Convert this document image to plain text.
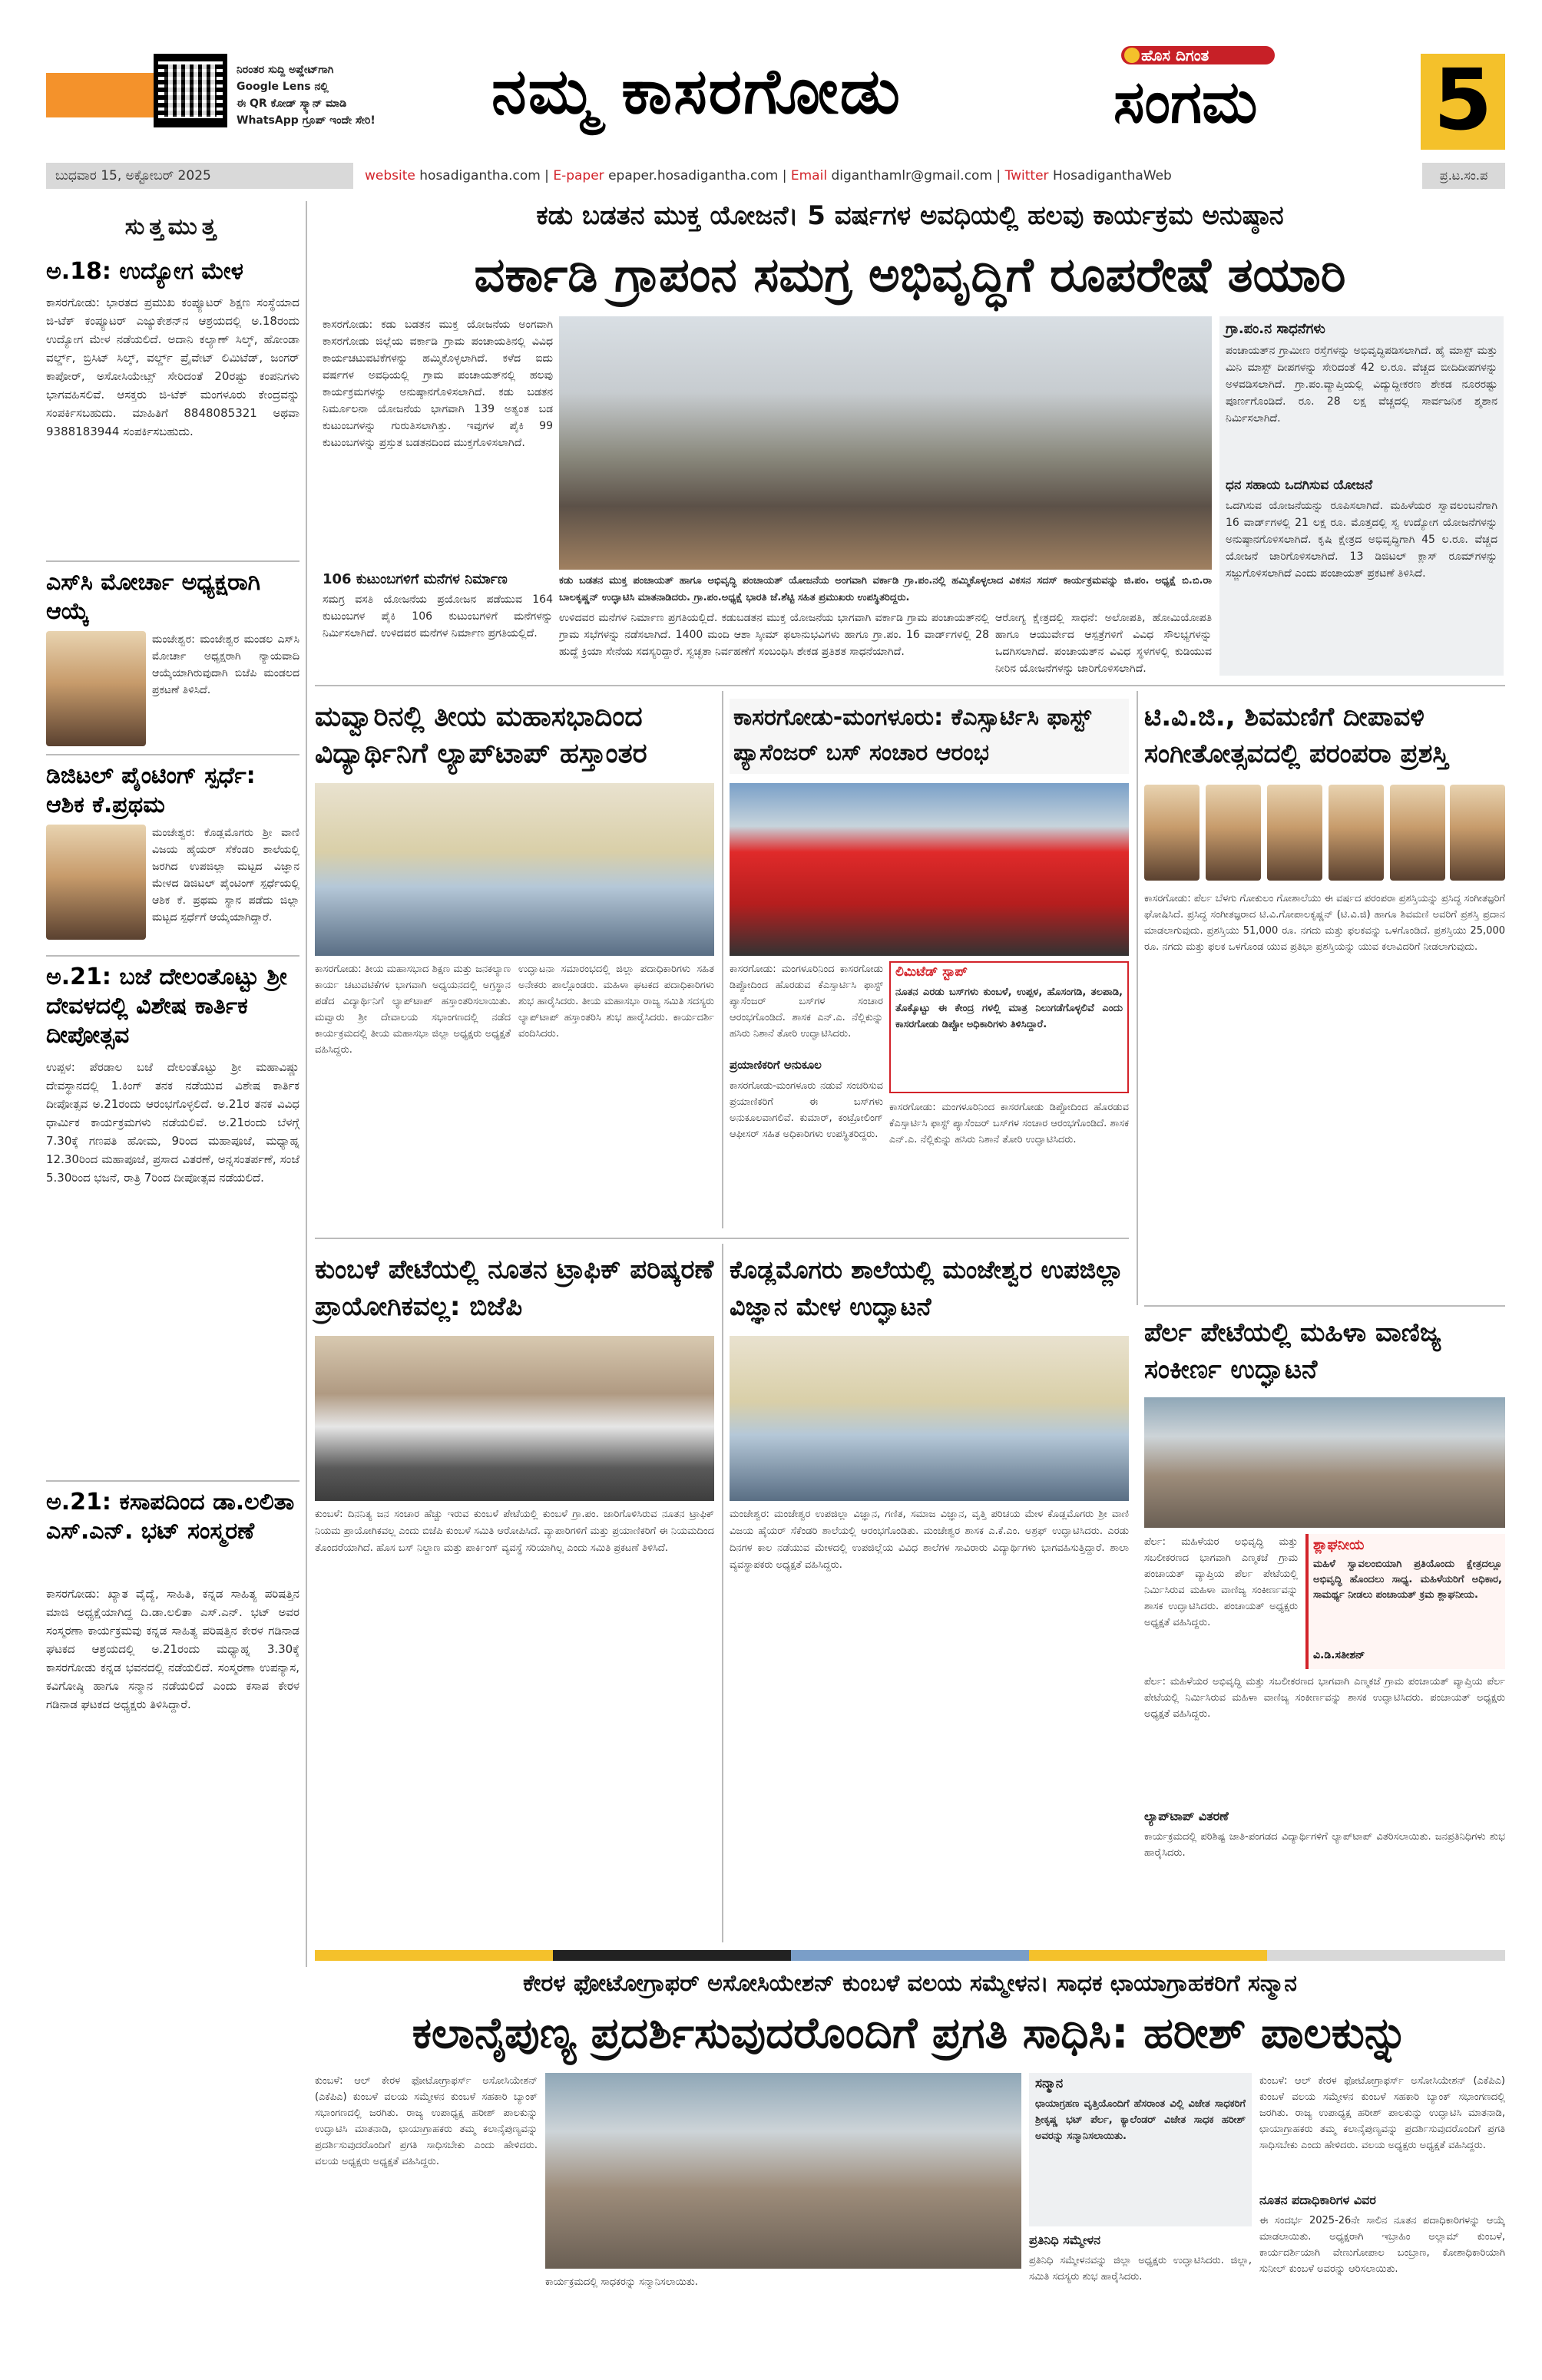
ನಿರಂತರ ಸುದ್ದಿ ಅಪ್ಡೇಟ್‌ಗಾಗಿ
Google Lens ನಲ್ಲಿ
ಈ QR ಕೋಡ್ ಸ್ಕ್ಯಾನ್ ಮಾಡಿ
WhatsApp ಗ್ರೂಪ್ ಇಂದೇ ಸೇರಿ!	ನಮ್ಮ ಕಾಸರಗೋಡು	ಹೊಸ ದಿಗಂತ
ಸಂಗಮ 5
ಬುಧವಾರ 15, ಅಕ್ಟೋಬರ್ 2025	website hosadigantha.com | E-paper epaper.hosadigantha.com | Email diganthamlr@gmail.com | Twitter HosadiganthaWeb	ಪ್ರ.ಟ.ಸಂ.ಪ
ಸುತ್ತಮುತ್ತ
ಅ.18: ಉದ್ಯೋಗ ಮೇಳ
ಕಾಸರಗೋಡು: ಭಾರತದ ಪ್ರಮುಖ ಕಂಪ್ಯೂಟರ್ ಶಿಕ್ಷಣ ಸಂಸ್ಥೆಯಾದ ಜಿ-ಟೆಕ್ ಕಂಪ್ಯೂಟರ್ ಎಜ್ಯುಕೇಶನ್‌ನ ಆಶ್ರಯದಲ್ಲಿ ಅ.18ರಂದು ಉದ್ಯೋಗ ಮೇಳ ನಡೆಯಲಿದೆ. ಅದಾನಿ ಕಲ್ಯಾಣ್ ಸಿಲ್ಕ್, ಹೋಂಡಾ ವರ್ಲ್ಡ್, ಬ್ರಿಸಿಟ್ ಸಿಲ್ಕ್, ವರ್ಲ್ಡ್ ಪ್ರೈವೇಟ್ ಲಿಮಿಟೆಡ್, ಜಂಗರ್ ಕಾಪೋರ್, ಅಸೋಸಿಯೇಟ್ಸ್ ಸೇರಿದಂತೆ 20ರಷ್ಟು ಕಂಪನಿಗಳು ಭಾಗವಹಿಸಲಿವೆ. ಆಸಕ್ತರು ಜಿ-ಟೆಕ್ ಮಂಗಳೂರು ಕೇಂದ್ರವನ್ನು ಸಂಪರ್ಕಿಸಬಹುದು. ಮಾಹಿತಿಗೆ 8848085321 ಅಥವಾ 9388183944 ಸಂಪರ್ಕಿಸಬಹುದು.
ಎಸ್‌ಸಿ ಮೋರ್ಚಾ ಅಧ್ಯಕ್ಷರಾಗಿ ಆಯ್ಕೆ
ಮಂಜೇಶ್ವರ: ಮಂಜೇಶ್ವರ ಮಂಡಲ ಎಸ್‌ಸಿ ಮೋರ್ಚಾ ಅಧ್ಯಕ್ಷರಾಗಿ ನ್ಯಾಯವಾದಿ ಆಯ್ಕೆಯಾಗಿರುವುದಾಗಿ ಬಿಜೆಪಿ ಮಂಡಲದ ಪ್ರಕಟಣೆ ತಿಳಿಸಿದೆ.
ಡಿಜಿಟಲ್ ಪೈಂಟಿಂಗ್ ಸ್ಪರ್ಧೆ: ಆಶಿಕ ಕೆ.ಪ್ರಥಮ
ಮಂಜೇಶ್ವರ: ಕೊಡ್ಲಮೊಗರು ಶ್ರೀ ವಾಣಿ ವಿಜಯ ಹೈಯರ್ ಸೆಕೆಂಡರಿ ಶಾಲೆಯಲ್ಲಿ ಜರಗಿದ ಉಪಜಿಲ್ಲಾ ಮಟ್ಟದ ವಿಜ್ಞಾನ ಮೇಳದ ಡಿಜಿಟಲ್ ಪೈಂಟಿಂಗ್ ಸ್ಪರ್ಧೆಯಲ್ಲಿ ಆಶಿಕ ಕೆ. ಪ್ರಥಮ ಸ್ಥಾನ ಪಡೆದು ಜಿಲ್ಲಾ ಮಟ್ಟದ ಸ್ಪರ್ಧೆಗೆ ಆಯ್ಕೆಯಾಗಿದ್ದಾರೆ.
ಅ.21: ಬಜೆ ದೇಲಂತೊಟ್ಟು ಶ್ರೀ ದೇವಳದಲ್ಲಿ ವಿಶೇಷ ಕಾರ್ತಿಕ ದೀಪೋತ್ಸವ
ಉಪ್ಪಳ: ಪೆರಡಾಲ ಬಜೆ ದೇಲಂತೊಟ್ಟು ಶ್ರೀ ಮಹಾವಿಷ್ಣು ದೇವಸ್ಥಾನದಲ್ಲಿ 1.ಕಿಂಗ್ ತನಕ ನಡೆಯುವ ವಿಶೇಷ ಕಾರ್ತಿಕ ದೀಪೋತ್ಸವ ಅ.21ರಂದು ಆರಂಭಗೊಳ್ಳಲಿದೆ. ಅ.21ರ ತನಕ ವಿವಿಧ ಧಾರ್ಮಿಕ ಕಾರ್ಯಕ್ರಮಗಳು ನಡೆಯಲಿವೆ. ಅ.21ರಂದು ಬೆಳಗ್ಗೆ 7.30ಕ್ಕೆ ಗಣಪತಿ ಹೋಮ, 9ರಿಂದ ಮಹಾಪೂಜೆ, ಮಧ್ಯಾಹ್ನ 12.30ರಿಂದ ಮಹಾಪೂಜೆ, ಪ್ರಸಾದ ವಿತರಣೆ, ಅನ್ನಸಂತರ್ಪಣೆ, ಸಂಜೆ 5.30ರಿಂದ ಭಜನೆ, ರಾತ್ರಿ 7ರಿಂದ ದೀಪೋತ್ಸವ ನಡೆಯಲಿದೆ.
ಅ.21: ಕಸಾಪದಿಂದ ಡಾ.ಲಲಿತಾ ಎಸ್.ಎನ್. ಭಟ್ ಸಂಸ್ಮರಣೆ
ಕಾಸರಗೋಡು: ಖ್ಯಾತ ವೈದ್ಯೆ, ಸಾಹಿತಿ, ಕನ್ನಡ ಸಾಹಿತ್ಯ ಪರಿಷತ್ತಿನ ಮಾಜಿ ಅಧ್ಯಕ್ಷೆಯಾಗಿದ್ದ ದಿ.ಡಾ.ಲಲಿತಾ ಎಸ್.ಎನ್. ಭಟ್ ಅವರ ಸಂಸ್ಮರಣಾ ಕಾರ್ಯಕ್ರಮವು ಕನ್ನಡ ಸಾಹಿತ್ಯ ಪರಿಷತ್ತಿನ ಕೇರಳ ಗಡಿನಾಡ ಘಟಕದ ಆಶ್ರಯದಲ್ಲಿ ಅ.21ರಂದು ಮಧ್ಯಾಹ್ನ 3.30ಕ್ಕೆ ಕಾಸರಗೋಡು ಕನ್ನಡ ಭವನದಲ್ಲಿ ನಡೆಯಲಿದೆ. ಸಂಸ್ಮರಣಾ ಉಪನ್ಯಾಸ, ಕವಿಗೋಷ್ಠಿ ಹಾಗೂ ಸನ್ಮಾನ ನಡೆಯಲಿದೆ ಎಂದು ಕಸಾಪ ಕೇರಳ ಗಡಿನಾಡ ಘಟಕದ ಅಧ್ಯಕ್ಷರು ತಿಳಿಸಿದ್ದಾರೆ.
ಕಡು ಬಡತನ ಮುಕ್ತ ಯೋಜನೆ। 5 ವರ್ಷಗಳ ಅವಧಿಯಲ್ಲಿ ಹಲವು ಕಾರ್ಯಕ್ರಮ ಅನುಷ್ಠಾನ
ವರ್ಕಾಡಿ ಗ್ರಾಪಂನ ಸಮಗ್ರ ಅಭಿವೃದ್ಧಿಗೆ ರೂಪರೇಷೆ ತಯಾರಿ
ಕಾಸರಗೋಡು: ಕಡು ಬಡತನ ಮುಕ್ತ ಯೋಜನೆಯ ಅಂಗವಾಗಿ ಕಾಸರಗೋಡು ಜಿಲ್ಲೆಯ ವರ್ಕಾಡಿ ಗ್ರಾಮ ಪಂಚಾಯತಿನಲ್ಲಿ ವಿವಿಧ ಕಾರ್ಯಚಟುವಟಿಕೆಗಳನ್ನು ಹಮ್ಮಿಕೊಳ್ಳಲಾಗಿದೆ. ಕಳೆದ ಐದು ವರ್ಷಗಳ ಅವಧಿಯಲ್ಲಿ ಗ್ರಾಮ ಪಂಚಾಯತ್‌ನಲ್ಲಿ ಹಲವು ಕಾರ್ಯಕ್ರಮಗಳನ್ನು ಅನುಷ್ಠಾನಗೊಳಿಸಲಾಗಿದೆ. ಕಡು ಬಡತನ ನಿರ್ಮೂಲನಾ ಯೋಜನೆಯ ಭಾಗವಾಗಿ 139 ಅತ್ಯಂತ ಬಡ ಕುಟುಂಬಗಳನ್ನು ಗುರುತಿಸಲಾಗಿತ್ತು. ಇವುಗಳ ಪೈಕಿ 99 ಕುಟುಂಬಗಳನ್ನು ಪ್ರಸ್ತುತ ಬಡತನದಿಂದ ಮುಕ್ತಗೊಳಿಸಲಾಗಿದೆ.
106 ಕುಟುಂಬಗಳಿಗೆ ಮನೆಗಳ ನಿರ್ಮಾಣ
ಸಮಗ್ರ ವಸತಿ ಯೋಜನೆಯ ಪ್ರಯೋಜನ ಪಡೆಯುವ 164 ಕುಟುಂಬಗಳ ಪೈಕಿ 106 ಕುಟುಂಬಗಳಿಗೆ ಮನೆಗಳನ್ನು ನಿರ್ಮಿಸಲಾಗಿದೆ. ಉಳಿದವರ ಮನೆಗಳ ನಿರ್ಮಾಣ ಪ್ರಗತಿಯಲ್ಲಿದೆ.
ಕಡು ಬಡತನ ಮುಕ್ತ ಪಂಚಾಯತ್ ಹಾಗೂ ಅಭಿವೃದ್ಧಿ ಪಂಚಾಯತ್ ಯೋಜನೆಯ ಅಂಗವಾಗಿ ವರ್ಕಾಡಿ ಗ್ರಾ.ಪಂ.ನಲ್ಲಿ ಹಮ್ಮಿಕೊಳ್ಳಲಾದ ವಿಕಸನ ಸದಸ್ ಕಾರ್ಯಕ್ರಮವನ್ನು ಜಿ.ಪಂ. ಅಧ್ಯಕ್ಷೆ ಬಿ.ಬಿ.ರಾ ಬಾಲಕೃಷ್ಣನ್ ಉದ್ಘಾಟಿಸಿ ಮಾತನಾಡಿದರು. ಗ್ರಾ.ಪಂ.ಅಧ್ಯಕ್ಷೆ ಭಾರತಿ ಜೆ.ಶೆಟ್ಟಿ ಸಹಿತ ಪ್ರಮುಖರು ಉಪಸ್ಥಿತರಿದ್ದರು.
ಉಳಿದವರ ಮನೆಗಳ ನಿರ್ಮಾಣ ಪ್ರಗತಿಯಲ್ಲಿದೆ. ಕಡುಬಡತನ ಮುಕ್ತ ಯೋಜನೆಯ ಭಾಗವಾಗಿ ವರ್ಕಾಡಿ ಗ್ರಾಮ ಪಂಚಾಯತ್‌ನಲ್ಲಿ ಗ್ರಾಮ ಸಭೆಗಳನ್ನು ನಡೆಸಲಾಗಿದೆ. 1400 ಮಂದಿ ಆಶಾ ಸ್ಕೀಮ್ ಫಲಾನುಭವಿಗಳು ಹಾಗೂ ಗ್ರಾ.ಪಂ. 16 ವಾರ್ಡ್‌ಗಳಲ್ಲಿ 28 ಹುದ್ದೆ ಕ್ರಿಯಾ ಸೇನೆಯ ಸದಸ್ಯರಿದ್ದಾರೆ. ಸ್ವಚ್ಛತಾ ನಿರ್ವಹಣೆಗೆ ಸಂಬಂಧಿಸಿ ಶೇಕಡ ಪ್ರತಿಶತ ಸಾಧನೆಯಾಗಿದೆ.
ಆರೋಗ್ಯ ಕ್ಷೇತ್ರದಲ್ಲಿ ಸಾಧನೆ: ಅಲೋಪತಿ, ಹೋಮಿಯೋಪತಿ ಹಾಗೂ ಆಯುರ್ವೇದ ಆಸ್ಪತ್ರೆಗಳಿಗೆ ವಿವಿಧ ಸೌಲಭ್ಯಗಳನ್ನು ಒದಗಿಸಲಾಗಿದೆ. ಪಂಚಾಯತ್‌ನ ವಿವಿಧ ಸ್ಥಳಗಳಲ್ಲಿ ಕುಡಿಯುವ ನೀರಿನ ಯೋಜನೆಗಳನ್ನು ಜಾರಿಗೊಳಿಸಲಾಗಿದೆ.
ಗ್ರಾ.ಪಂ.ನ ಸಾಧನೆಗಳು
ಪಂಚಾಯತ್‌ನ ಗ್ರಾಮೀಣ ರಸ್ತೆಗಳನ್ನು ಅಭಿವೃದ್ಧಿಪಡಿಸಲಾಗಿದೆ. ಹೈ ಮಾಸ್ಟ್ ಮತ್ತು ಮಿನಿ ಮಾಸ್ಟ್ ದೀಪಗಳನ್ನು ಸೇರಿದಂತೆ 42 ಲ.ರೂ. ವೆಚ್ಚದ ಬೀದಿದೀಪಗಳನ್ನು ಅಳವಡಿಸಲಾಗಿದೆ. ಗ್ರಾ.ಪಂ.ವ್ಯಾಪ್ತಿಯಲ್ಲಿ ವಿದ್ಯುದ್ದೀಕರಣ ಶೇಕಡ ನೂರರಷ್ಟು ಪೂರ್ಣಗೊಂಡಿದೆ. ರೂ. 28 ಲಕ್ಷ ವೆಚ್ಚದಲ್ಲಿ ಸಾರ್ವಜನಿಕ ಶ್ಮಶಾನ ನಿರ್ಮಿಸಲಾಗಿದೆ.
ಧನ ಸಹಾಯ ಒದಗಿಸುವ ಯೋಜನೆ
ಒದಗಿಸುವ ಯೋಜನೆಯನ್ನು ರೂಪಿಸಲಾಗಿದೆ. ಮಹಿಳೆಯರ ಸ್ವಾವಲಂಬನೆಗಾಗಿ 16 ವಾರ್ಡ್‌ಗಳಲ್ಲಿ 21 ಲಕ್ಷ ರೂ. ಮೊತ್ತದಲ್ಲಿ ಸ್ವ ಉದ್ಯೋಗ ಯೋಜನೆಗಳನ್ನು ಅನುಷ್ಠಾನಗೊಳಿಸಲಾಗಿದೆ. ಕೃಷಿ ಕ್ಷೇತ್ರದ ಅಭಿವೃದ್ಧಿಗಾಗಿ 45 ಲ.ರೂ. ವೆಚ್ಚದ ಯೋಜನೆ ಜಾರಿಗೊಳಿಸಲಾಗಿದೆ. 13 ಡಿಜಿಟಲ್ ಕ್ಲಾಸ್ ರೂಮ್‌ಗಳನ್ನು ಸಜ್ಜುಗೊಳಿಸಲಾಗಿದೆ ಎಂದು ಪಂಚಾಯತ್ ಪ್ರಕಟಣೆ ತಿಳಿಸಿದೆ.
ಮವ್ವಾರಿನಲ್ಲಿ ತೀಯ ಮಹಾಸಭಾದಿಂದ ವಿದ್ಯಾರ್ಥಿನಿಗೆ ಲ್ಯಾಪ್‌ಟಾಪ್ ಹಸ್ತಾಂತರ
ಕಾಸರಗೋಡು: ತೀಯ ಮಹಾಸಭಾದ ಶಿಕ್ಷಣ ಮತ್ತು ಜನಕಲ್ಯಾಣ ಕಾರ್ಯ ಚಟುವಟಿಕೆಗಳ ಭಾಗವಾಗಿ ಅಧ್ಯಯನದಲ್ಲಿ ಅಗ್ರಸ್ಥಾನ ಪಡೆದ ವಿದ್ಯಾರ್ಥಿನಿಗೆ ಲ್ಯಾಪ್‌ಟಾಪ್ ಹಸ್ತಾಂತರಿಸಲಾಯಿತು. ಮವ್ವಾರು ಶ್ರೀ ದೇವಾಲಯ ಸಭಾಂಗಣದಲ್ಲಿ ನಡೆದ ಕಾರ್ಯಕ್ರಮದಲ್ಲಿ ತೀಯ ಮಹಾಸಭಾ ಜಿಲ್ಲಾ ಅಧ್ಯಕ್ಷರು ಅಧ್ಯಕ್ಷತೆ ವಹಿಸಿದ್ದರು.
ಉದ್ಘಾಟನಾ ಸಮಾರಂಭದಲ್ಲಿ ಜಿಲ್ಲಾ ಪದಾಧಿಕಾರಿಗಳು ಸಹಿತ ಅನೇಕರು ಪಾಲ್ಗೊಂಡರು. ಮಹಿಳಾ ಘಟಕದ ಪದಾಧಿಕಾರಿಗಳು ಶುಭ ಹಾರೈಸಿದರು. ತೀಯ ಮಹಾಸಭಾ ರಾಜ್ಯ ಸಮಿತಿ ಸದಸ್ಯರು ಲ್ಯಾಪ್‌ಟಾಪ್ ಹಸ್ತಾಂತರಿಸಿ ಶುಭ ಹಾರೈಸಿದರು. ಕಾರ್ಯದರ್ಶಿ ವಂದಿಸಿದರು.
ಕಾಸರಗೋಡು-ಮಂಗಳೂರು: ಕೆಎಸ್ಸಾರ್ಟಿಸಿ ಫಾಸ್ಟ್ ಪ್ಯಾಸೆಂಜರ್ ಬಸ್ ಸಂಚಾರ ಆರಂಭ
ಕಾಸರಗೋಡು: ಮಂಗಳೂರಿನಿಂದ ಕಾಸರಗೋಡು ಡಿಪ್ಪೋದಿಂದ ಹೊರಡುವ ಕೆಎಸ್ಸಾರ್ಟಿಸಿ ಫಾಸ್ಟ್ ಪ್ಯಾಸೆಂಜರ್ ಬಸ್‌ಗಳ ಸಂಚಾರ ಆರಂಭಗೊಂಡಿದೆ. ಶಾಸಕ ಎನ್.ಎ. ನೆಲ್ಲಿಕುನ್ನು ಹಸಿರು ನಿಶಾನೆ ತೋರಿ ಉದ್ಘಾಟಿಸಿದರು.
ಲಿಮಿಟೆಡ್ ಸ್ಟಾಪ್
ನೂತನ ಎರಡು ಬಸ್‌ಗಳು ಕುಂಬಳೆ, ಉಪ್ಪಳ, ಹೊಸಂಗಡಿ, ತಲಪಾಡಿ, ತೊಕ್ಕೊಟ್ಟು ಈ ಕೇಂದ್ರ ಗಳಲ್ಲಿ ಮಾತ್ರ ನಿಲುಗಡೆಗೊಳ್ಳಲಿವೆ ಎಂದು ಕಾಸರಗೋಡು ಡಿಪ್ಪೋ ಅಧಿಕಾರಿಗಳು ತಿಳಿಸಿದ್ದಾರೆ.
ಪ್ರಯಾಣಿಕರಿಗೆ ಅನುಕೂಲ
ಕಾಸರಗೋಡು-ಮಂಗಳೂರು ನಡುವೆ ಸಂಚರಿಸುವ ಪ್ರಯಾಣಿಕರಿಗೆ ಈ ಬಸ್‌ಗಳು ಅನುಕೂಲವಾಗಲಿವೆ. ಕುಮಾರ್, ಕಂಟ್ರೋಲಿಂಗ್ ಆಫೀಸರ್ ಸಹಿತ ಅಧಿಕಾರಿಗಳು ಉಪಸ್ಥಿತರಿದ್ದರು.
ಕಾಸರಗೋಡು: ಮಂಗಳೂರಿನಿಂದ ಕಾಸರಗೋಡು ಡಿಪ್ಪೋದಿಂದ ಹೊರಡುವ ಕೆಎಸ್ಸಾರ್ಟಿಸಿ ಫಾಸ್ಟ್ ಪ್ಯಾಸೆಂಜರ್ ಬಸ್‌ಗಳ ಸಂಚಾರ ಆರಂಭಗೊಂಡಿದೆ. ಶಾಸಕ ಎನ್.ಎ. ನೆಲ್ಲಿಕುನ್ನು ಹಸಿರು ನಿಶಾನೆ ತೋರಿ ಉದ್ಘಾಟಿಸಿದರು.
ಟಿ.ವಿ.ಜಿ., ಶಿವಮಣಿಗೆ ದೀಪಾವಳಿ ಸಂಗೀತೋತ್ಸವದಲ್ಲಿ ಪರಂಪರಾ ಪ್ರಶಸ್ತಿ
ಕಾಸರಗೋಡು: ಪೆರ್ಲ ಬೆಳಗು ಗೋಕುಲಂ ಗೋಶಾಲೆಯು ಈ ವರ್ಷದ ಪರಂಪರಾ ಪ್ರಶಸ್ತಿಯನ್ನು ಪ್ರಸಿದ್ಧ ಸಂಗೀತಜ್ಞರಿಗೆ ಘೋಷಿಸಿದೆ. ಪ್ರಸಿದ್ಧ ಸಂಗೀತಜ್ಞರಾದ ಟಿ.ವಿ.ಗೋಪಾಲಕೃಷ್ಣನ್ (ಟಿ.ವಿ.ಜಿ) ಹಾಗೂ ಶಿವಮಣಿ ಅವರಿಗೆ ಪ್ರಶಸ್ತಿ ಪ್ರದಾನ ಮಾಡಲಾಗುವುದು. ಪ್ರಶಸ್ತಿಯು 51,000 ರೂ. ನಗದು ಮತ್ತು ಫಲಕವನ್ನು ಒಳಗೊಂಡಿದೆ. ಪ್ರಶಸ್ತಿಯು 25,000 ರೂ. ನಗದು ಮತ್ತು ಫಲಕ ಒಳಗೊಂಡ ಯುವ ಪ್ರತಿಭಾ ಪ್ರಶಸ್ತಿಯನ್ನು ಯುವ ಕಲಾವಿದರಿಗೆ ನೀಡಲಾಗುವುದು.
ಕುಂಬಳೆ ಪೇಟೆಯಲ್ಲಿ ನೂತನ ಟ್ರಾಫಿಕ್ ಪರಿಷ್ಕರಣೆ ಪ್ರಾಯೋಗಿಕವಲ್ಲ: ಬಿಜೆಪಿ
ಕುಂಬಳೆ: ದಿನನಿತ್ಯ ಜನ ಸಂಚಾರ ಹೆಚ್ಚು ಇರುವ ಕುಂಬಳೆ ಪೇಟೆಯಲ್ಲಿ ಕುಂಬಳೆ ಗ್ರಾ.ಪಂ. ಜಾರಿಗೊಳಿಸಿರುವ ನೂತನ ಟ್ರಾಫಿಕ್ ನಿಯಮ ಪ್ರಾಯೋಗಿಕವಲ್ಲ ಎಂದು ಬಿಜೆಪಿ ಕುಂಬಳೆ ಸಮಿತಿ ಆರೋಪಿಸಿದೆ. ವ್ಯಾಪಾರಿಗಳಿಗೆ ಮತ್ತು ಪ್ರಯಾಣಿಕರಿಗೆ ಈ ನಿಯಮದಿಂದ ತೊಂದರೆಯಾಗಿದೆ. ಹೊಸ ಬಸ್ ನಿಲ್ದಾಣ ಮತ್ತು ಪಾರ್ಕಿಂಗ್ ವ್ಯವಸ್ಥೆ ಸರಿಯಾಗಿಲ್ಲ ಎಂದು ಸಮಿತಿ ಪ್ರಕಟಣೆ ತಿಳಿಸಿದೆ.
ಕೊಡ್ಲಮೊಗರು ಶಾಲೆಯಲ್ಲಿ ಮಂಜೇಶ್ವರ ಉಪಜಿಲ್ಲಾ ವಿಜ್ಞಾನ ಮೇಳ ಉದ್ಘಾಟನೆ
ಮಂಜೇಶ್ವರ: ಮಂಜೇಶ್ವರ ಉಪಜಿಲ್ಲಾ ವಿಜ್ಞಾನ, ಗಣಿತ, ಸಮಾಜ ವಿಜ್ಞಾನ, ವೃತ್ತಿ ಪರಿಚಯ ಮೇಳ ಕೊಡ್ಲಮೊಗರು ಶ್ರೀ ವಾಣಿ ವಿಜಯ ಹೈಯರ್ ಸೆಕೆಂಡರಿ ಶಾಲೆಯಲ್ಲಿ ಆರಂಭಗೊಂಡಿತು. ಮಂಜೇಶ್ವರ ಶಾಸಕ ಎ.ಕೆ.ಎಂ. ಅಶ್ರಫ್ ಉದ್ಘಾಟಿಸಿದರು. ಎರಡು ದಿನಗಳ ಕಾಲ ನಡೆಯುವ ಮೇಳದಲ್ಲಿ ಉಪಜಿಲ್ಲೆಯ ವಿವಿಧ ಶಾಲೆಗಳ ಸಾವಿರಾರು ವಿದ್ಯಾರ್ಥಿಗಳು ಭಾಗವಹಿಸುತ್ತಿದ್ದಾರೆ. ಶಾಲಾ ವ್ಯವಸ್ಥಾಪಕರು ಅಧ್ಯಕ್ಷತೆ ವಹಿಸಿದ್ದರು.
ಪೆರ್ಲ ಪೇಟೆಯಲ್ಲಿ ಮಹಿಳಾ ವಾಣಿಜ್ಯ ಸಂಕೀರ್ಣ ಉದ್ಘಾಟನೆ
ಪೆರ್ಲ: ಮಹಿಳೆಯರ ಅಭಿವೃದ್ಧಿ ಮತ್ತು ಸಬಲೀಕರಣದ ಭಾಗವಾಗಿ ಎಣ್ಮಕಜೆ ಗ್ರಾಮ ಪಂಚಾಯತ್ ವ್ಯಾಪ್ತಿಯ ಪೆರ್ಲ ಪೇಟೆಯಲ್ಲಿ ನಿರ್ಮಿಸಿರುವ ಮಹಿಳಾ ವಾಣಿಜ್ಯ ಸಂಕೀರ್ಣವನ್ನು ಶಾಸಕ ಉದ್ಘಾಟಿಸಿದರು. ಪಂಚಾಯತ್ ಅಧ್ಯಕ್ಷರು ಅಧ್ಯಕ್ಷತೆ ವಹಿಸಿದ್ದರು.
ಶ್ಲಾಘನೀಯ
ಮಹಿಳೆ ಸ್ವಾವಲಂಬಿಯಾಗಿ ಪ್ರತಿಯೊಂದು ಕ್ಷೇತ್ರದಲ್ಲೂ ಅಭಿವೃದ್ಧಿ ಹೊಂದಲು ಸಾಧ್ಯ. ಮಹಿಳೆಯರಿಗೆ ಅಧಿಕಾರ, ಸಾಮರ್ಥ್ಯ ನೀಡಲು ಪಂಚಾಯತ್ ಕ್ರಮ ಶ್ಲಾಘನೀಯ.
ವಿ.ಡಿ.ಸತೀಶನ್
ಪೆರ್ಲ: ಮಹಿಳೆಯರ ಅಭಿವೃದ್ಧಿ ಮತ್ತು ಸಬಲೀಕರಣದ ಭಾಗವಾಗಿ ಎಣ್ಮಕಜೆ ಗ್ರಾಮ ಪಂಚಾಯತ್ ವ್ಯಾಪ್ತಿಯ ಪೆರ್ಲ ಪೇಟೆಯಲ್ಲಿ ನಿರ್ಮಿಸಿರುವ ಮಹಿಳಾ ವಾಣಿಜ್ಯ ಸಂಕೀರ್ಣವನ್ನು ಶಾಸಕ ಉದ್ಘಾಟಿಸಿದರು. ಪಂಚಾಯತ್ ಅಧ್ಯಕ್ಷರು ಅಧ್ಯಕ್ಷತೆ ವಹಿಸಿದ್ದರು.
ಲ್ಯಾಪ್‌ಟಾಪ್ ವಿತರಣೆ
ಕಾರ್ಯಕ್ರಮದಲ್ಲಿ ಪರಿಶಿಷ್ಟ ಜಾತಿ-ಪಂಗಡದ ವಿದ್ಯಾರ್ಥಿಗಳಿಗೆ ಲ್ಯಾಪ್‌ಟಾಪ್ ವಿತರಿಸಲಾಯಿತು. ಜನಪ್ರತಿನಿಧಿಗಳು ಶುಭ ಹಾರೈಸಿದರು.
ಕೇರಳ ಫೋಟೋಗ್ರಾಫರ್ ಅಸೋಸಿಯೇಶನ್ ಕುಂಬಳೆ ವಲಯ ಸಮ್ಮೇಳನ। ಸಾಧಕ ಛಾಯಾಗ್ರಾಹಕರಿಗೆ ಸನ್ಮಾನ
ಕಲಾನೈಪುಣ್ಯ ಪ್ರದರ್ಶಿಸುವುದರೊಂದಿಗೆ ಪ್ರಗತಿ ಸಾಧಿಸಿ: ಹರೀಶ್ ಪಾಲಕುನ್ನು
ಕುಂಬಳೆ: ಆಲ್ ಕೇರಳ ಫೋಟೋಗ್ರಾಫರ್ಸ್ ಅಸೋಸಿಯೇಶನ್ (ಎಕೆಪಿಎ) ಕುಂಬಳೆ ವಲಯ ಸಮ್ಮೇಳನ ಕುಂಬಳೆ ಸಹಕಾರಿ ಬ್ಯಾಂಕ್ ಸಭಾಂಗಣದಲ್ಲಿ ಜರಗಿತು. ರಾಜ್ಯ ಉಪಾಧ್ಯಕ್ಷ ಹರೀಶ್ ಪಾಲಕುನ್ನು ಉದ್ಘಾಟಿಸಿ ಮಾತನಾಡಿ, ಛಾಯಾಗ್ರಾಹಕರು ತಮ್ಮ ಕಲಾನೈಪುಣ್ಯವನ್ನು ಪ್ರದರ್ಶಿಸುವುದರೊಂದಿಗೆ ಪ್ರಗತಿ ಸಾಧಿಸಬೇಕು ಎಂದು ಹೇಳಿದರು. ವಲಯ ಅಧ್ಯಕ್ಷರು ಅಧ್ಯಕ್ಷತೆ ವಹಿಸಿದ್ದರು.
ಕಾರ್ಯಕ್ರಮದಲ್ಲಿ ಸಾಧಕರನ್ನು ಸನ್ಮಾನಿಸಲಾಯಿತು.
ಸನ್ಮಾನ
ಛಾಯಾಗ್ರಹಣ ವೃತ್ತಿಯೊಂದಿಗೆ ಹೆಸರಾಂತ ವಿಲ್ಲಿ ವಿಜೇತ ಸಾಧಕರಿಗೆ ಶ್ರೀಕೃಷ್ಣ ಭಟ್ ಪೆರ್ಲ, ಕ್ಯಾಲೆಂಡರ್ ವಿಜೇತ ಸಾಧಕ ಹರೀಶ್ ಅವರನ್ನು ಸನ್ಮಾನಿಸಲಾಯಿತು.
ಪ್ರತಿನಿಧಿ ಸಮ್ಮೇಳನ
ಪ್ರತಿನಿಧಿ ಸಮ್ಮೇಳನವನ್ನು ಜಿಲ್ಲಾ ಅಧ್ಯಕ್ಷರು ಉದ್ಘಾಟಿಸಿದರು. ಜಿಲ್ಲಾ, ಸಮಿತಿ ಸದಸ್ಯರು ಶುಭ ಹಾರೈಸಿದರು.
ಕುಂಬಳೆ: ಆಲ್ ಕೇರಳ ಫೋಟೋಗ್ರಾಫರ್ಸ್ ಅಸೋಸಿಯೇಶನ್ (ಎಕೆಪಿಎ) ಕುಂಬಳೆ ವಲಯ ಸಮ್ಮೇಳನ ಕುಂಬಳೆ ಸಹಕಾರಿ ಬ್ಯಾಂಕ್ ಸಭಾಂಗಣದಲ್ಲಿ ಜರಗಿತು. ರಾಜ್ಯ ಉಪಾಧ್ಯಕ್ಷ ಹರೀಶ್ ಪಾಲಕುನ್ನು ಉದ್ಘಾಟಿಸಿ ಮಾತನಾಡಿ, ಛಾಯಾಗ್ರಾಹಕರು ತಮ್ಮ ಕಲಾನೈಪುಣ್ಯವನ್ನು ಪ್ರದರ್ಶಿಸುವುದರೊಂದಿಗೆ ಪ್ರಗತಿ ಸಾಧಿಸಬೇಕು ಎಂದು ಹೇಳಿದರು. ವಲಯ ಅಧ್ಯಕ್ಷರು ಅಧ್ಯಕ್ಷತೆ ವಹಿಸಿದ್ದರು.
ನೂತನ ಪದಾಧಿಕಾರಿಗಳ ವಿವರ
ಈ ಸಂದರ್ಭ 2025-26ನೇ ಸಾಲಿನ ನೂತನ ಪದಾಧಿಕಾರಿಗಳನ್ನು ಆಯ್ಕೆ ಮಾಡಲಾಯಿತು. ಅಧ್ಯಕ್ಷರಾಗಿ ಇಬ್ರಾಹಿಂ ಅಲ್ಲಾಮ್ ಕುಂಬಳೆ, ಕಾರ್ಯದರ್ಶಿಯಾಗಿ ವೇಣುಗೋಪಾಲ ಬಂಬ್ರಾಣ, ಕೋಶಾಧಿಕಾರಿಯಾಗಿ ಸುನೀಲ್ ಕುಂಬಳೆ ಅವರನ್ನು ಆರಿಸಲಾಯಿತು.
